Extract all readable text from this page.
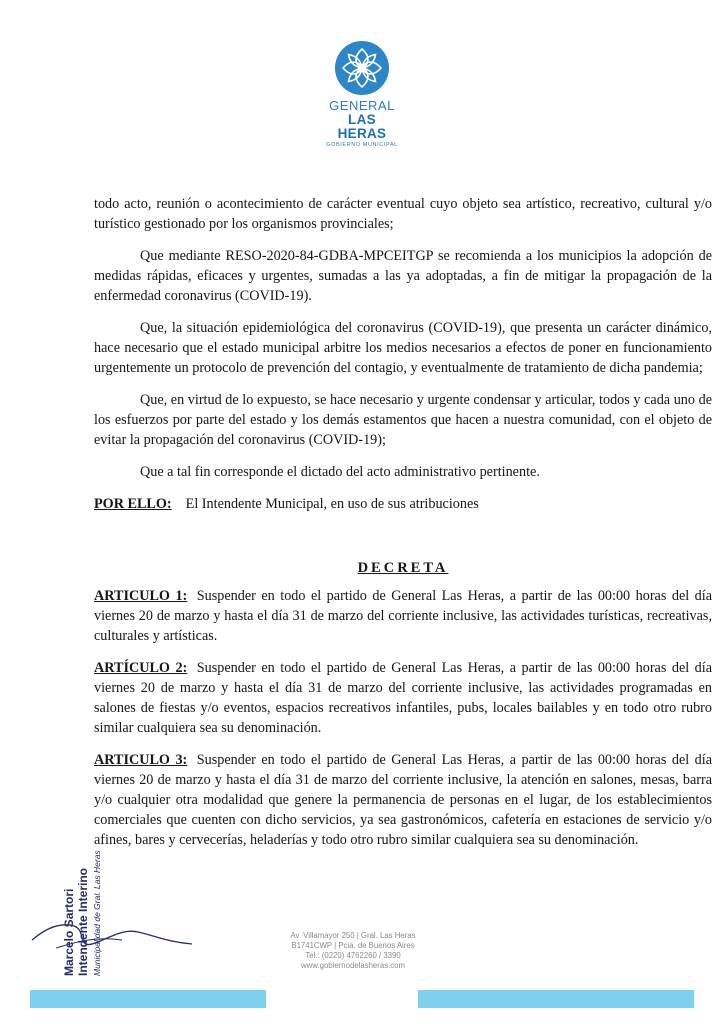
GENERAL
LAS HERAS
GOBIERNO MUNICIPAL

todo acto, reunión o acontecimiento de carácter eventual cuyo objeto sea artístico, recreativo, cultural y/o turístico gestionado por los organismos provinciales;

Que mediante RESO-2020-84-GDBA-MPCEITGP se recomienda a los municipios la adopción de medidas rápidas, eficaces y urgentes, sumadas a las ya adoptadas, a fin de mitigar la propagación de la enfermedad coronavirus (COVID-19).

Que, la situación epidemiológica del coronavirus (COVID-19), que presenta un carácter dinámico, hace necesario que el estado municipal arbitre los medios necesarios a efectos de poner en funcionamiento urgentemente un protocolo de prevención del contagio, y eventualmente de tratamiento de dicha pandemia;

Que, en virtud de lo expuesto, se hace necesario y urgente condensar y articular, todos y cada uno de los esfuerzos por parte del estado y los demás estamentos que hacen a nuestra comunidad, con el objeto de evitar la propagación del coronavirus (COVID-19);

Que a tal fin corresponde el dictado del acto administrativo pertinente.

POR ELLO: El Intendente Municipal, en uso de sus atribuciones

DECRETA

ARTICULO 1: Suspender en todo el partido de General Las Heras, a partir de las 00:00 horas del día viernes 20 de marzo y hasta el día 31 de marzo del corriente inclusive, las actividades turísticas, recreativas, culturales y artísticas.

ARTÍCULO 2: Suspender en todo el partido de General Las Heras, a partir de las 00:00 horas del día viernes 20 de marzo y hasta el día 31 de marzo del corriente inclusive, las actividades programadas en salones de fiestas y/o eventos, espacios recreativos infantiles, pubs, locales bailables y en todo otro rubro similar cualquiera sea su denominación.

ARTICULO 3: Suspender en todo el partido de General Las Heras, a partir de las 00:00 horas del día viernes 20 de marzo y hasta el día 31 de marzo del corriente inclusive, la atención en salones, mesas, barra y/o cualquier otra modalidad que genere la permanencia de personas en el lugar, de los establecimientos comerciales que cuenten con dicho servicios, ya sea gastronómicos, cafetería en estaciones de servicio y/o afines, bares y cervecerías, heladerías y todo otro rubro similar cualquiera sea su denominación.

Marcelo Sartori Intendente Interino Municipalidad de Gral. Las Heras	Av. Villamayor 250 | Gral. Las Heras
B1741CWP | Pcia. de Buenos Aires
Tel.: (0220) 4762260 / 3390
www.gobiernodelasheras.com
